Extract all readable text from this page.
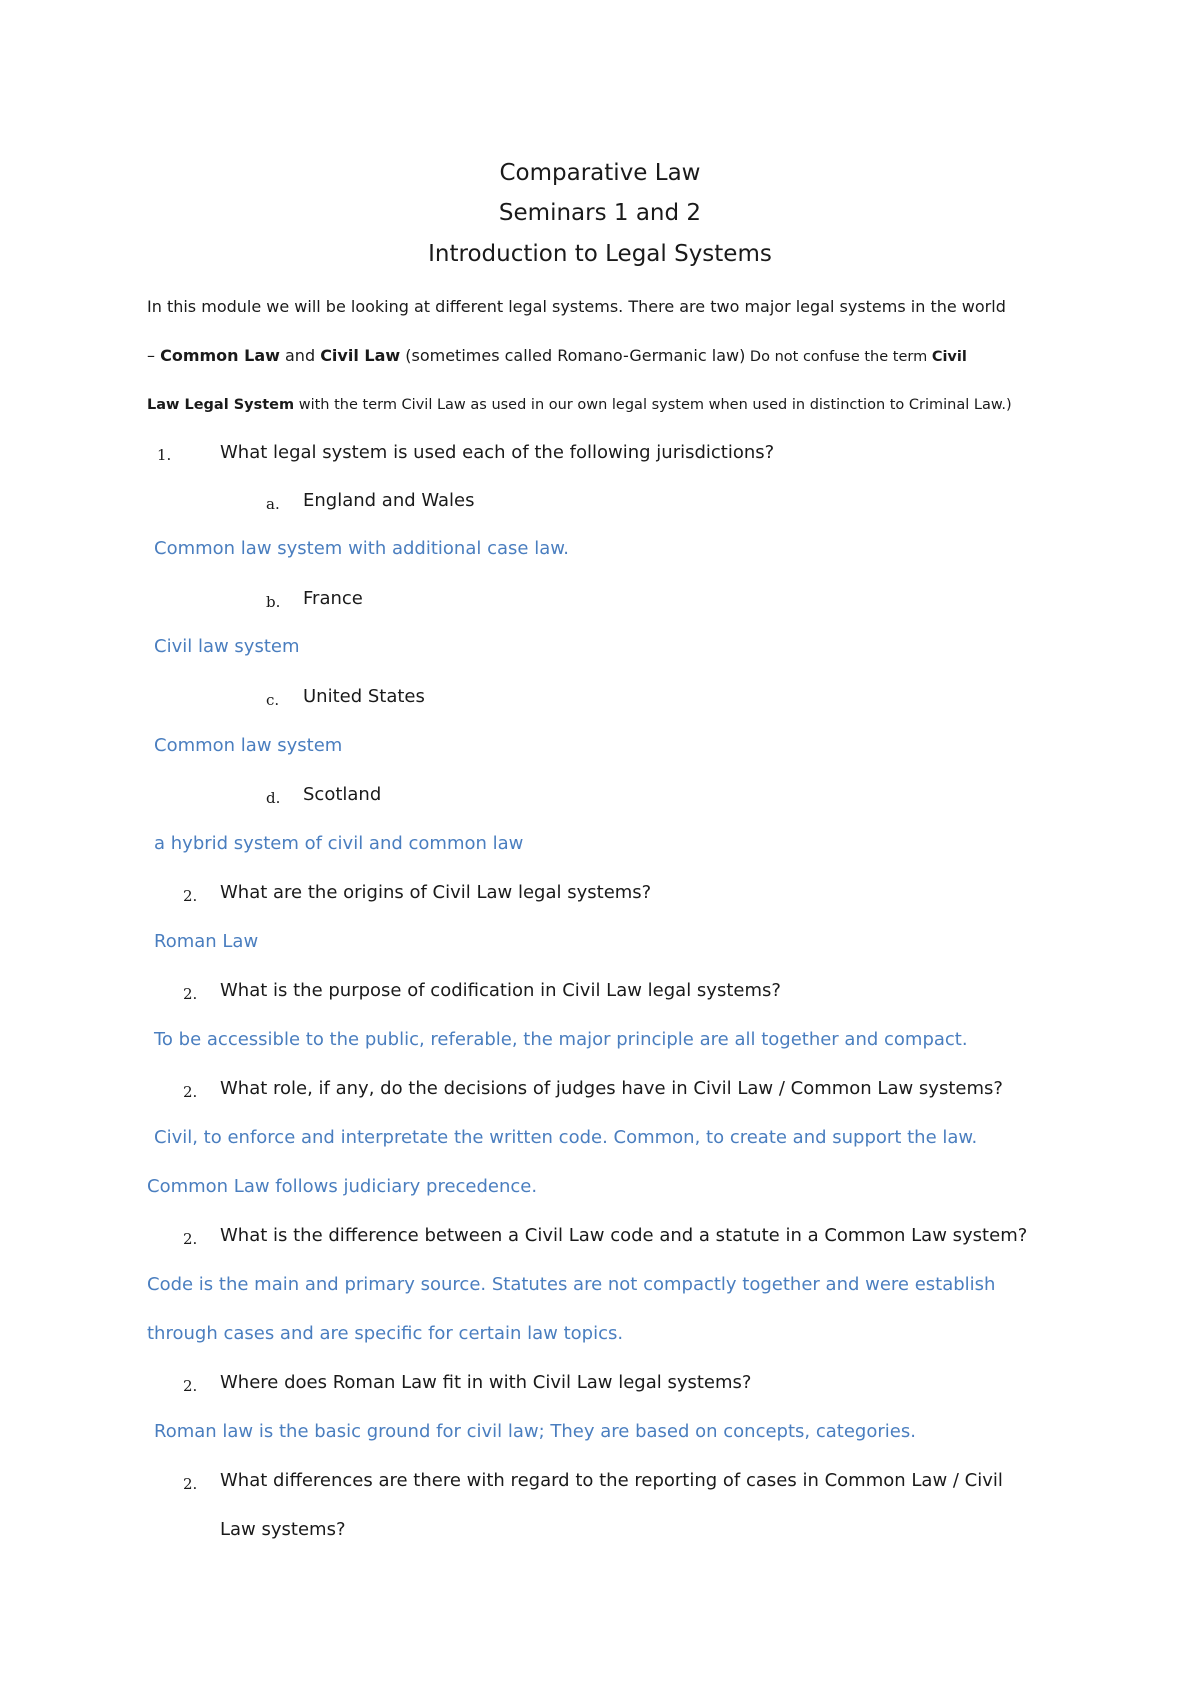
Comparative Law
Seminars 1 and 2
Introduction to Legal Systems
In this module we will be looking at different legal systems. There are two major legal systems in the world
– Common Law and Civil Law (sometimes called Romano-Germanic law) Do not confuse the term Civil
Law Legal System with the term Civil Law as used in our own legal system when used in distinction to Criminal Law.)
1.	What legal system is used each of the following jurisdictions?
a. England and Wales
Common law system with additional case law.
b. France
Civil law system
c. United States
Common law system
d. Scotland
a hybrid system of civil and common law
2. What are the origins of Civil Law legal systems?
Roman Law
2. What is the purpose of codification in Civil Law legal systems?
To be accessible to the public, referable, the major principle are all together and compact.
2. What role, if any, do the decisions of judges have in Civil Law / Common Law systems?
Civil, to enforce and interpretate the written code. Common, to create and support the law.
Common Law follows judiciary precedence.
2. What is the difference between a Civil Law code and a statute in a Common Law system?
Code is the main and primary source. Statutes are not compactly together and were establish
through cases and are specific for certain law topics.
2. Where does Roman Law fit in with Civil Law legal systems?
Roman law is the basic ground for civil law; They are based on concepts, categories.
2. What differences are there with regard to the reporting of cases in Common Law / Civil
Law systems?
